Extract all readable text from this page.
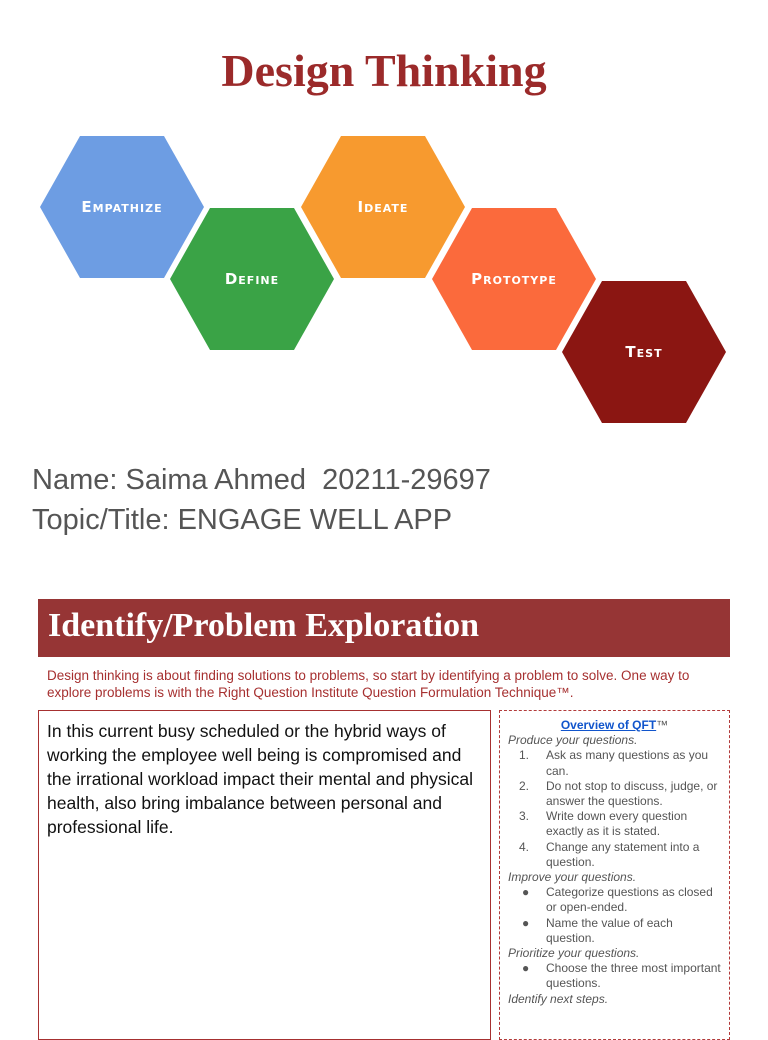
Design Thinking
EMPATHIZE
DEFINE
IDEATE
PROTOTYPE
TEST
Name: Saima Ahmed  20211-29697
Topic/Title: ENGAGE WELL APP
Identify/Problem Exploration
Design thinking is about finding solutions to problems, so start by identifying a problem to solve. One way to explore problems is with the Right Question Institute Question Formulation Technique™.
In this current busy scheduled or the hybrid ways of working the employee well being is compromised and the irrational workload impact their mental and physical health, also bring imbalance between personal and professional life.
Overview of QFT™
Produce your questions.
1. Ask as many questions as you can.
2. Do not stop to discuss, judge, or answer the questions.
3. Write down every question exactly as it is stated.
4. Change any statement into a question.
Improve your questions.
● Categorize questions as closed or open-ended.
● Name the value of each question.
Prioritize your questions.
● Choose the three most important questions.
Identify next steps.
